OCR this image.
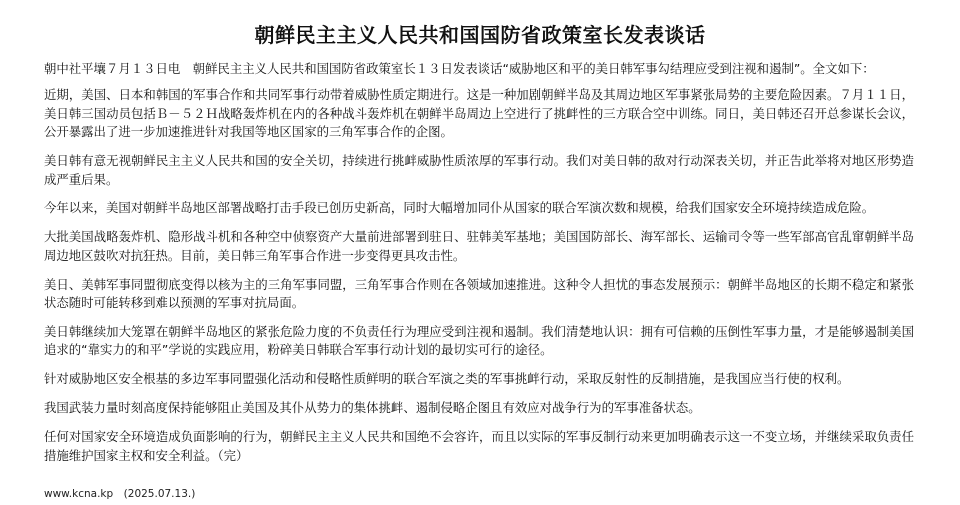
朝鲜民主主义人民共和国国防省政策室长发表谈话

朝中社平壤７月１３日电　朝鲜民主主义人民共和国国防省政策室长１３日发表谈话“威胁地区和平的美日韩军事勾结理应受到注视和遏制”。全文如下：

近期，美国、日本和韩国的军事合作和共同军事行动带着威胁性质定期进行。这是一种加剧朝鲜半岛及其周边地区军事紧张局势的主要危险因素。７月１１日，美日韩三国动员包括Ｂ－５２Ｈ战略轰炸机在内的各种战斗轰炸机在朝鲜半岛周边上空进行了挑衅性的三方联合空中训练。同日，美日韩还召开总参谋长会议，公开暴露出了进一步加速推进针对我国等地区国家的三角军事合作的企图。

美日韩有意无视朝鲜民主主义人民共和国的安全关切，持续进行挑衅威胁性质浓厚的军事行动。我们对美日韩的敌对行动深表关切，并正告此举将对地区形势造成严重后果。

今年以来，美国对朝鲜半岛地区部署战略打击手段已创历史新高，同时大幅增加同仆从国家的联合军演次数和规模，给我们国家安全环境持续造成危险。

大批美国战略轰炸机、隐形战斗机和各种空中侦察资产大量前进部署到驻日、驻韩美军基地；美国国防部长、海军部长、运输司令等一些军部高官乱窜朝鲜半岛周边地区鼓吹对抗狂热。目前，美日韩三角军事合作进一步变得更具攻击性。

美日、美韩军事同盟彻底变得以核为主的三角军事同盟，三角军事合作则在各领域加速推进。这种令人担忧的事态发展预示：朝鲜半岛地区的长期不稳定和紧张状态随时可能转移到难以预测的军事对抗局面。

美日韩继续加大笼罩在朝鲜半岛地区的紧张危险力度的不负责任行为理应受到注视和遏制。我们清楚地认识：拥有可信赖的压倒性军事力量，才是能够遏制美国追求的“靠实力的和平”学说的实践应用，粉碎美日韩联合军事行动计划的最切实可行的途径。

针对威胁地区安全根基的多边军事同盟强化活动和侵略性质鲜明的联合军演之类的军事挑衅行动，采取反射性的反制措施，是我国应当行使的权利。

我国武装力量时刻高度保持能够阻止美国及其仆从势力的集体挑衅、遏制侵略企图且有效应对战争行为的军事准备状态。

任何对国家安全环境造成负面影响的行为，朝鲜民主主义人民共和国绝不会容许，而且以实际的军事反制行动来更加明确表示这一不变立场，并继续采取负责任措施维护国家主权和安全利益。（完）

www.kcna.kp　(2025.07.13.)
